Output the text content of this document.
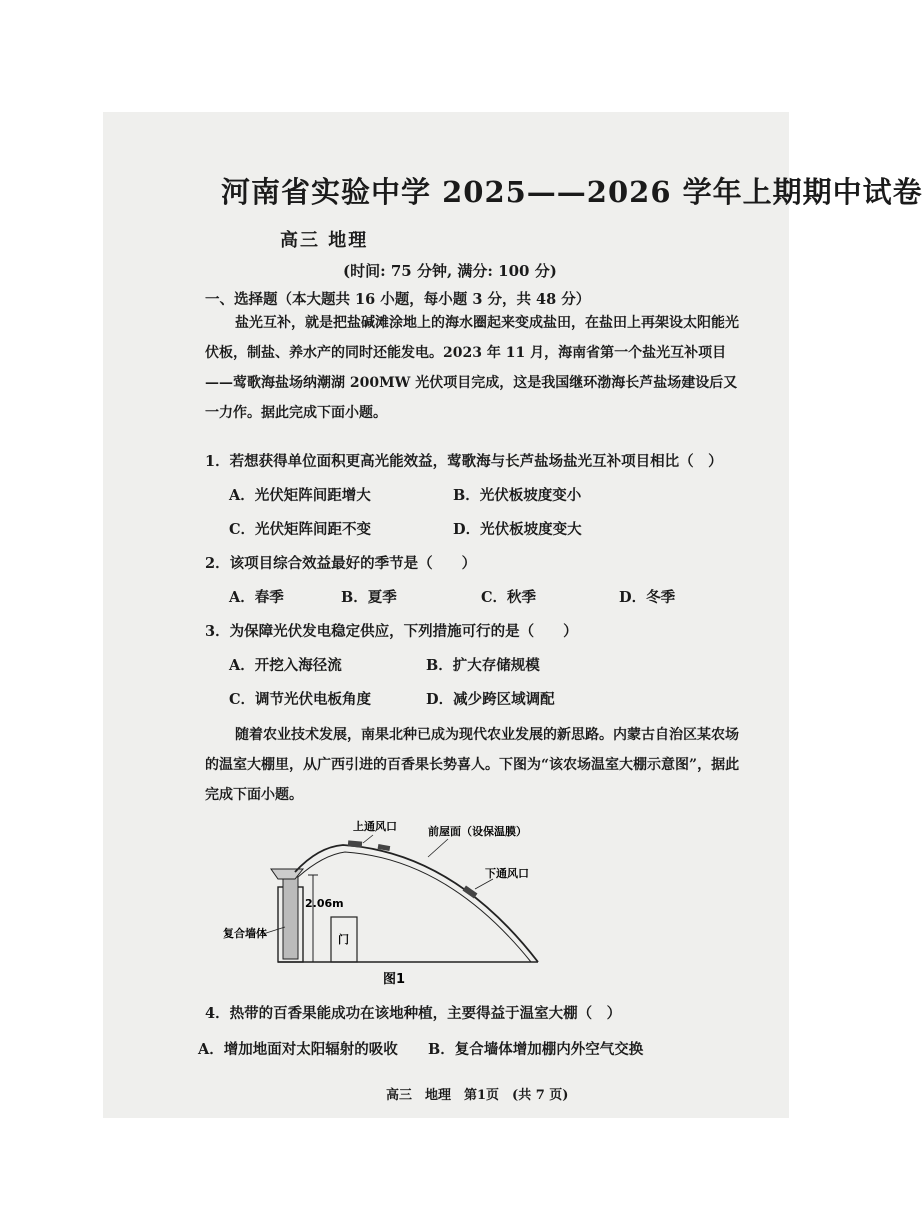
河南省实验中学 2025——2026 学年上期期中试卷
高三 地理
(时间: 75 分钟, 满分: 100 分)
一、选择题（本大题共 16 小题，每小题 3 分，共 48 分）
盐光互补，就是把盐碱滩涂地上的海水圈起来变成盐田，在盐田上再架设太阳能光伏板，制盐、养水产的同时还能发电。2023 年 11 月，海南省第一个盐光互补项目——莺歌海盐场纳潮湖 200MW 光伏项目完成，这是我国继环渤海长芦盐场建设后又一力作。据此完成下面小题。
1．若想获得单位面积更高光能效益，莺歌海与长芦盐场盐光互补项目相比（　）
A．光伏矩阵间距增大	B．光伏板坡度变小
C．光伏矩阵间距不变	D．光伏板坡度变大
2．该项目综合效益最好的季节是（　　）
A．春季	B．夏季	C．秋季	D．冬季
3．为保障光伏发电稳定供应，下列措施可行的是（　　）
A．开挖入海径流	B．扩大存储规模
C．调节光伏电板角度	D．减少跨区域调配
随着农业技术发展，南果北种已成为现代农业发展的新思路。内蒙古自治区某农场的温室大棚里，从广西引进的百香果长势喜人。下图为“该农场温室大棚示意图”，据此完成下面小题。
上通风口	前屋面（设保温膜）
下通风口
2.06m
复合墙体	门
图1
4．热带的百香果能成功在该地种植，主要得益于温室大棚（　）
A．增加地面对太阳辐射的吸收 B．复合墙体增加棚内外空气交换
高三　地理　第1页　(共 7 页)
